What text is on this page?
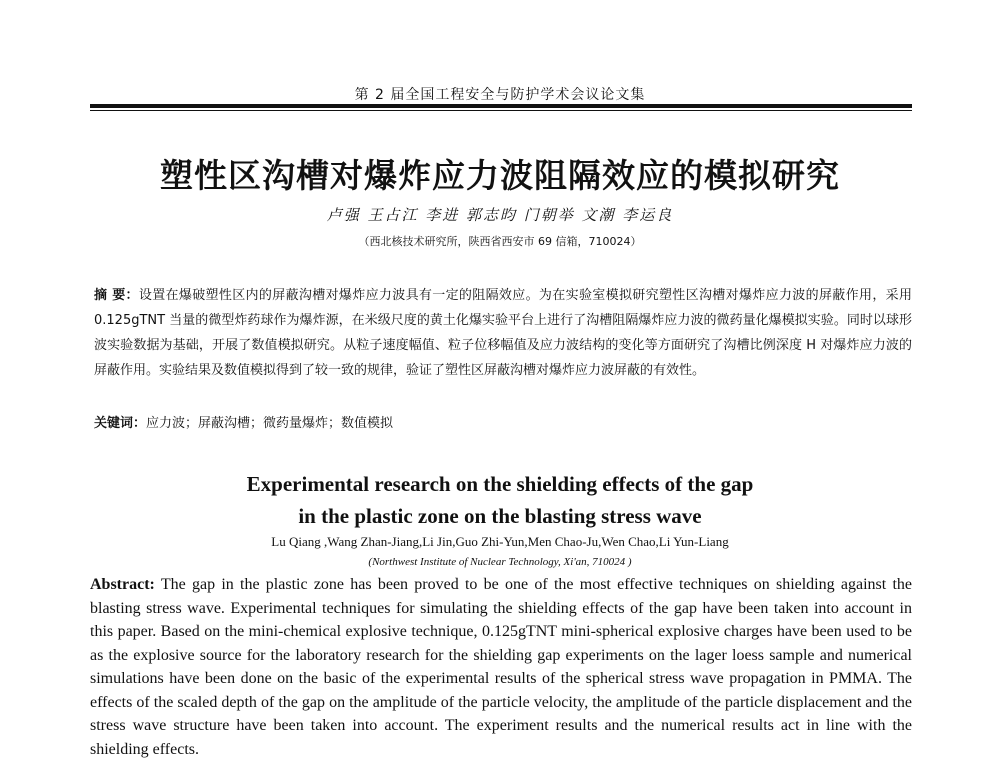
第 2 届全国工程安全与防护学术会议论文集
塑性区沟槽对爆炸应力波阻隔效应的模拟研究
卢强 王占江 李进 郭志昀 门朝举 文潮 李运良
（西北核技术研究所，陕西省西安市 69 信箱，710024）
摘 要：设置在爆破塑性区内的屏蔽沟槽对爆炸应力波具有一定的阻隔效应。为在实验室模拟研究塑性区沟槽对爆炸应力波的屏蔽作用，采用 0.125gTNT 当量的微型炸药球作为爆炸源，在米级尺度的黄土化爆实验平台上进行了沟槽阻隔爆炸应力波的微药量化爆模拟实验。同时以球形波实验数据为基础，开展了数值模拟研究。从粒子速度幅值、粒子位移幅值及应力波结构的变化等方面研究了沟槽比例深度 H 对爆炸应力波的屏蔽作用。实验结果及数值模拟得到了较一致的规律，验证了塑性区屏蔽沟槽对爆炸应力波屏蔽的有效性。
关键词：应力波；屏蔽沟槽；微药量爆炸；数值模拟
Experimental research on the shielding effects of the gap
in the plastic zone on the blasting stress wave
Lu Qiang ,Wang Zhan-Jiang,Li Jin,Guo Zhi-Yun,Men Chao-Ju,Wen Chao,Li Yun-Liang
(Northwest Institute of Nuclear Technology, Xi'an, 710024 )
Abstract: The gap in the plastic zone has been proved to be one of the most effective techniques on shielding against the blasting stress wave. Experimental techniques for simulating the shielding effects of the gap have been taken into account in this paper. Based on the mini-chemical explosive technique, 0.125gTNT mini-spherical explosive charges have been used to be as the explosive source for the laboratory research for the shielding gap experiments on the lager loess sample and numerical simulations have been done on the basic of the experimental results of the spherical stress wave propagation in PMMA. The effects of the scaled depth of the gap on the amplitude of the particle velocity, the amplitude of the particle displacement and the stress wave structure have been taken into account. The experiment results and the numerical results act in line with the shielding effects.
